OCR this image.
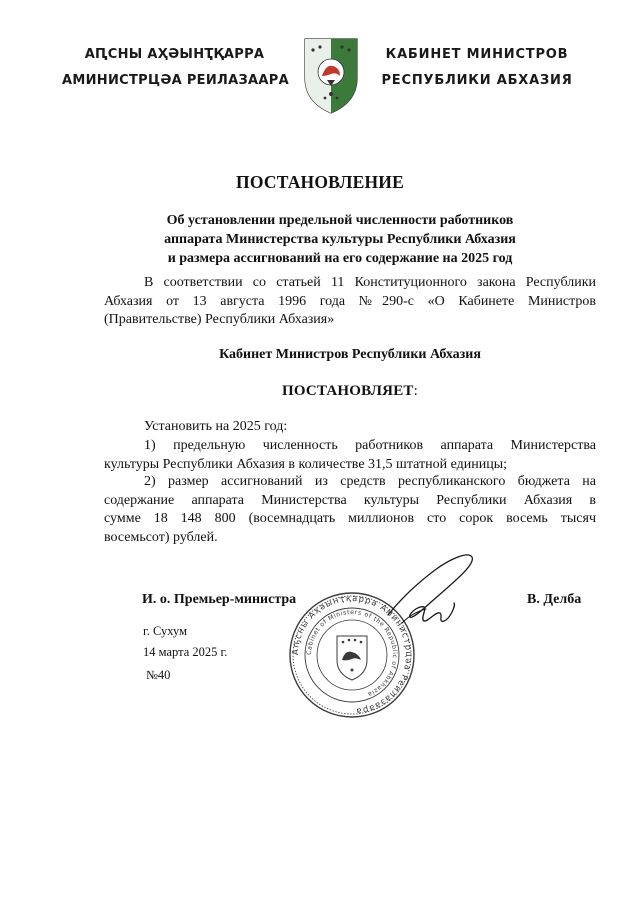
АԤСНЫ АҲӘЫНҬҚАРРА
АМИНИСТРЦӘА РЕИЛАЗААРА
КАБИНЕТ МИНИСТРОВ
РЕСПУБЛИКИ АБХАЗИЯ
ПОСТАНОВЛЕНИЕ
Об установлении предельной численности работников
аппарата Министерства культуры Республики Абхазия
и размера ассигнований на его содержание на 2025 год
В соответствии со статьей 11 Конституционного закона Республики
Абхазия от 13 августа 1996 года №290-с «О Кабинете Министров
(Правительстве) Республики Абхазия»
Кабинет Министров Республики Абхазия
ПОСТАНОВЛЯЕТ:
Установить на 2025 год:
1) предельную численность работников аппарата Министерства
культуры Республики Абхазия в количестве 31,5 штатной единицы;
2) размер ассигнований из средств республиканского бюджета на
содержание аппарата Министерства культуры Республики Абхазия в
сумме 18 148 800 (восемнадцать миллионов сто сорок восемь тысяч
восемьсот) рублей.
Аҧсны Аҳәынҭқарра Аминистрцәа Реилазаара
Cabinet of Ministers of the Republic of Abkhazia
И. о. Премьер-министра	В. Делба
г. Сухум
14 марта 2025 г.
№40
